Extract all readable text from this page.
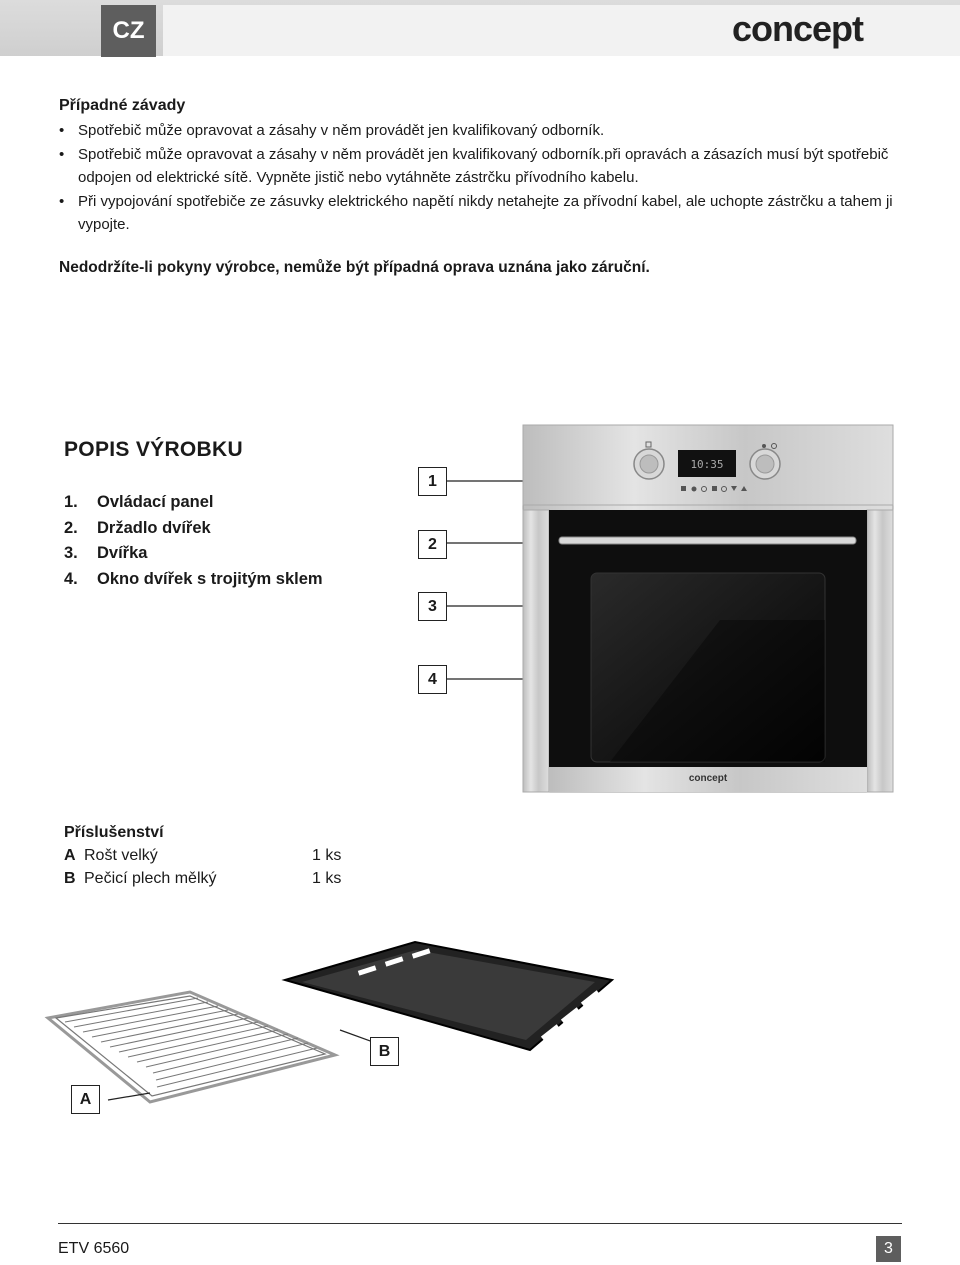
CZ	concept
Případné závady
• Spotřebič může opravovat a zásahy v něm provádět jen kvalifikovaný odborník.
• Spotřebič může opravovat a zásahy v něm provádět jen kvalifikovaný odborník.při opravách a zásazích musí být spotřebič odpojen od elektrické sítě. Vypněte jistič nebo vytáhněte zástrčku přívodního kabelu.
• Při vypojování spotřebiče ze zásuvky elektrického napětí nikdy netahejte za přívodní kabel, ale uchopte zástrčku a tahem ji vypojte.
Nedodržíte-li pokyny výrobce, nemůže být případná oprava uznána jako záruční.
POPIS VÝROBKU
1. Ovládací panel
2. Držadlo dvířek
3. Dvířka
4. Okno dvířek s trojitým sklem
10:35
concept
1
2
3
4
Příslušenství
A Rošt velký	1 ks
B Pečicí plech mělký	1 ks
B
A
ETV 6560	3
